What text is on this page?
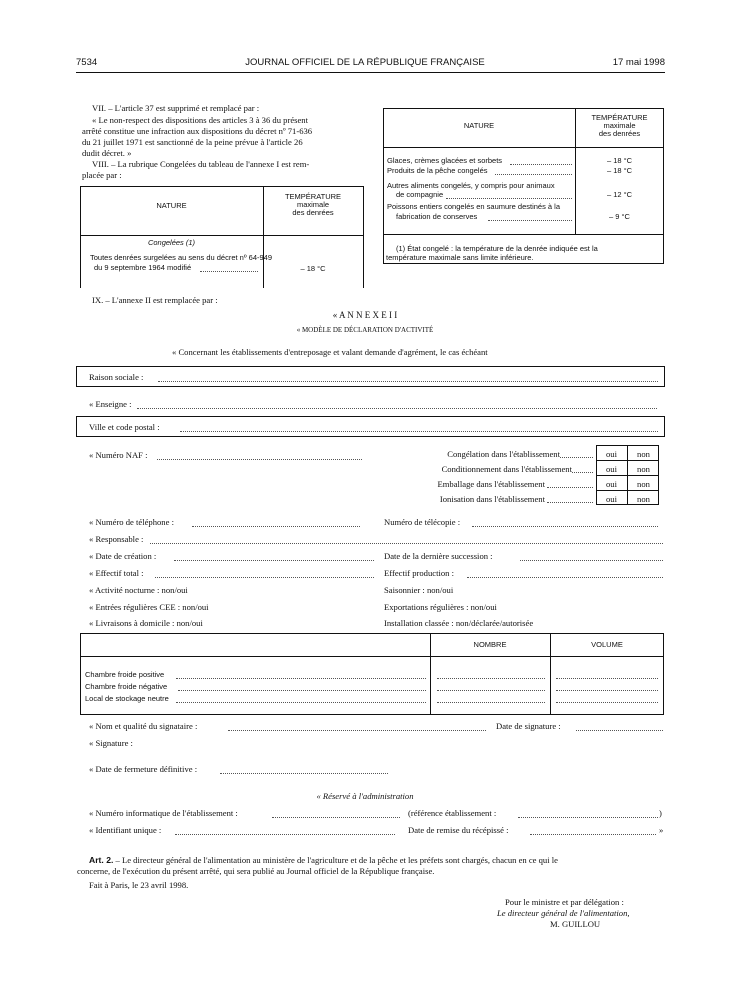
7534	JOURNAL OFFICIEL DE LA RÉPUBLIQUE FRANÇAISE	17 mai 1998
VII. – L'article 37 est supprimé et remplacé par :
« Le non-respect des dispositions des articles 3 à 36 du présent
arrêté constitue une infraction aux dispositions du décret nº 71-636
du 21 juillet 1971 est sanctionné de la peine prévue à l'article 26
dudit décret. »
VIII. – La rubrique Congelées du tableau de l'annexe I est rem-
placée par :
NATURE
TEMPÉRATURE
maximale
des denrées
Congelées (1)
Toutes denrées surgelées au sens du décret nº 64-949
du 9 septembre 1964 modifié	– 18 °C
NATURE
TEMPÉRATURE
maximale
des denrées
Glaces, crèmes glacées et sorbets	– 18 °C
Produits de la pêche congelés	– 18 °C
Autres aliments congelés, y compris pour animaux
de compagnie	– 12 °C
Poissons entiers congelés en saumure destinés à la
fabrication de conserves	– 9 °C
(1) État congelé : la température de la denrée indiquée est la
température maximale sans limite inférieure.
IX. – L'annexe II est remplacée par :
« A N N E X E I I
« MODÈLE DE DÉCLARATION D'ACTIVITÉ
« Concernant les établissements d'entreposage et valant demande d'agrément, le cas échéant
Raison sociale :
« Enseigne :
Ville et code postal :
« Numéro NAF :	Congélation dans l'établissement	oui	non
Conditionnement dans l'établissement	oui	non
Emballage dans l'établissement	oui	non
Ionisation dans l'établissement	oui	non
« Numéro de téléphone :	Numéro de télécopie :
« Responsable :
« Date de création :	Date de la dernière succession :
« Effectif total :	Effectif production :
« Activité nocturne : non/oui	Saisonnier : non/oui
« Entrées régulières CEE : non/oui	Exportations régulières : non/oui
« Livraisons à domicile : non/oui	Installation classée : non/déclarée/autorisée
NOMBRE	VOLUME
Chambre froide positive
Chambre froide négative
Local de stockage neutre
« Nom et qualité du signataire :	Date de signature :
« Signature :
« Date de fermeture définitive :
« Réservé à l'administration
« Numéro informatique de l'établissement :	(référence établissement :	)
« Identifiant unique :	Date de remise du récépissé :	»
Art. 2. – Le directeur général de l'alimentation au ministère de l'agriculture et de la pêche et les préfets sont chargés, chacun en ce qui le
concerne, de l'exécution du présent arrêté, qui sera publié au Journal officiel de la République française.
Fait à Paris, le 23 avril 1998.
Pour le ministre et par délégation :
Le directeur général de l'alimentation,
M. GUILLOU
